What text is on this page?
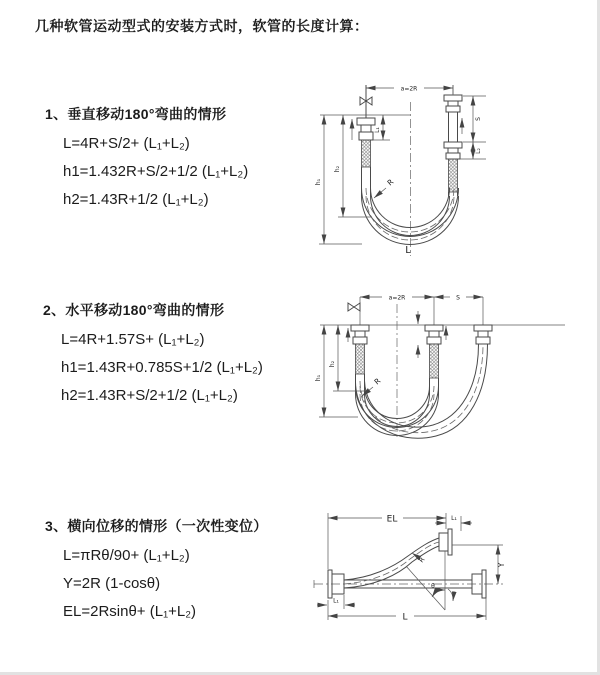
几种软管运动型式的安装方式时，软管的长度计算：
1、垂直移动180°弯曲的情形
L=4R+S/2+ (L₁+L₂)
h1=1.432R+S/2+1/2 (L₁+L₂)
h2=1.43R+1/2 (L₁+L₂)
2、水平移动180°弯曲的情形
L=4R+1.57S+ (L₁+L₂)
h1=1.43R+0.785S+1/2 (L₁+L₂)
h2=1.43R+S/2+1/2 (L₁+L₂)
3、横向位移的情形（一次性变位）
L=πRθ/90+ (L₁+L₂)
Y=2R (1-cosθ)
EL=2Rsinθ+ (L₁+L₂)
a=2R
L₁
S
L₂
h₂
h₁	R
L
a=2R	S
h₂
h₁	R
EL	L₁
Y
θ
R
L
L₁
